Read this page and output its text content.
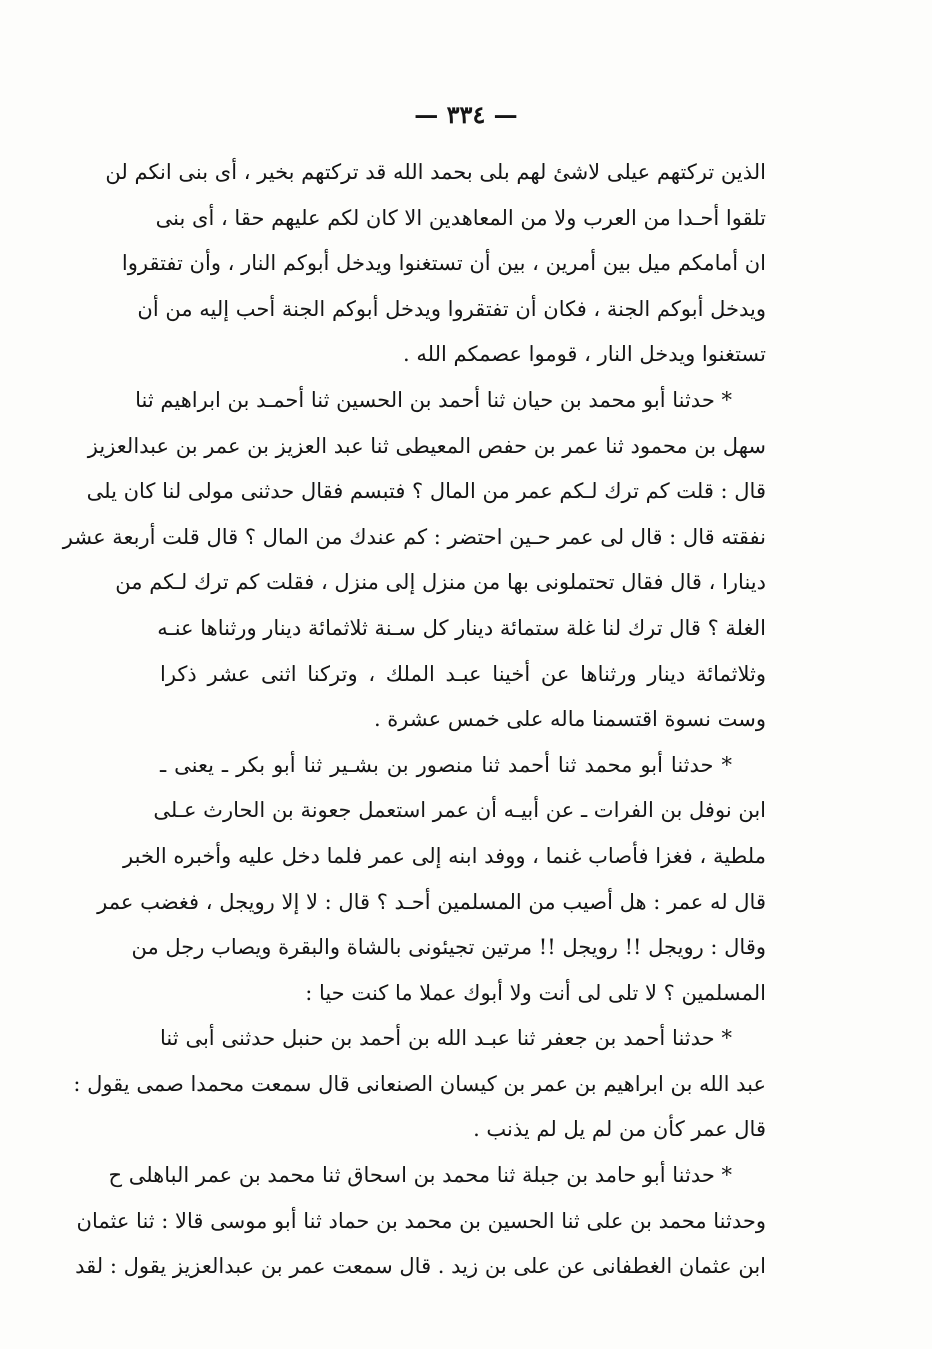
— ٣٣٤ —
الذين تركتهم عيلى لاشئ لهم بلى بحمد الله قد تركتهم بخير ، أى بنى انكم لن
تلقوا أحـدا من العرب ولا من المعاهدين الا كان لكم عليهم حقا ، أى بنى
ان أمامكم ميل بين أمرين ، بين أن تستغنوا ويدخل أبوكم النار ، وأن تفتقروا
ويدخل أبوكم الجنة ، فكان أن تفتقروا ويدخل أبوكم الجنة أحب إليه من أن
تستغنوا ويدخل النار ، قوموا عصمكم الله .
* حدثنا أبو محمد بن حيان ثنا أحمد بن الحسين ثنا أحمـد بن ابراهيم ثنا
سهل بن محمود ثنا عمر بن حفص المعيطى ثنا عبد العزيز بن عمر بن عبدالعزيز
قال : قلت كم ترك لـكم عمر من المال ؟ فتبسم فقال حدثنى مولى لنا كان يلى
نفقته قال : قال لى عمر حـين احتضر : كم عندك من المال ؟ قال قلت أربعة عشر
دينارا ، قال فقال تحتملونى بها من منزل إلى منزل ، فقلت كم ترك لـكم من
الغلة ؟ قال ترك لنا غلة ستمائة دينار كل سـنة ثلاثمائة دينار ورثناها عنـه
وثلاثمائة دينار ورثناها عن أخينا عبـد الملك ، وتركنا اثنى عشر ذكرا
وست نسوة اقتسمنا ماله على خمس عشرة .
* حدثنا أبو محمد ثنا أحمد ثنا منصور بن بشـير ثنا أبو بكر ـ يعنى ـ
ابن نوفل بن الفرات ـ عن أبيـه أن عمر استعمل جعونة بن الحارث عـلى
ملطية ، فغزا فأصاب غنما ، ووفد ابنه إلى عمر فلما دخل عليه وأخبره الخبر
قال له عمر : هل أصيب من المسلمين أحـد ؟ قال : لا إلا رويجل ، فغضب عمر
وقال : رويجل !! رويجل !! مرتين تجيئونى بالشاة والبقرة ويصاب رجل من
المسلمين ؟ لا تلى لى أنت ولا أبوك عملا ما كنت حيا :
* حدثنا أحمد بن جعفر ثنا عبـد الله بن أحمد بن حنبل حدثنى أبى ثنا
عبد الله بن ابراهيم بن عمر بن كيسان الصنعانى قال سمعت محمدا صمى يقول :
قال عمر كأن من لم يل لم يذنب .
* حدثنا أبو حامد بن جبلة ثنا محمد بن اسحاق ثنا محمد بن عمر الباهلى ح
وحدثنا محمد بن على ثنا الحسين بن محمد بن حماد ثنا أبو موسى قالا : ثنا عثمان
ابن عثمان الغطفانى عن على بن زيد . قال سمعت عمر بن عبدالعزيز يقول : لقد
